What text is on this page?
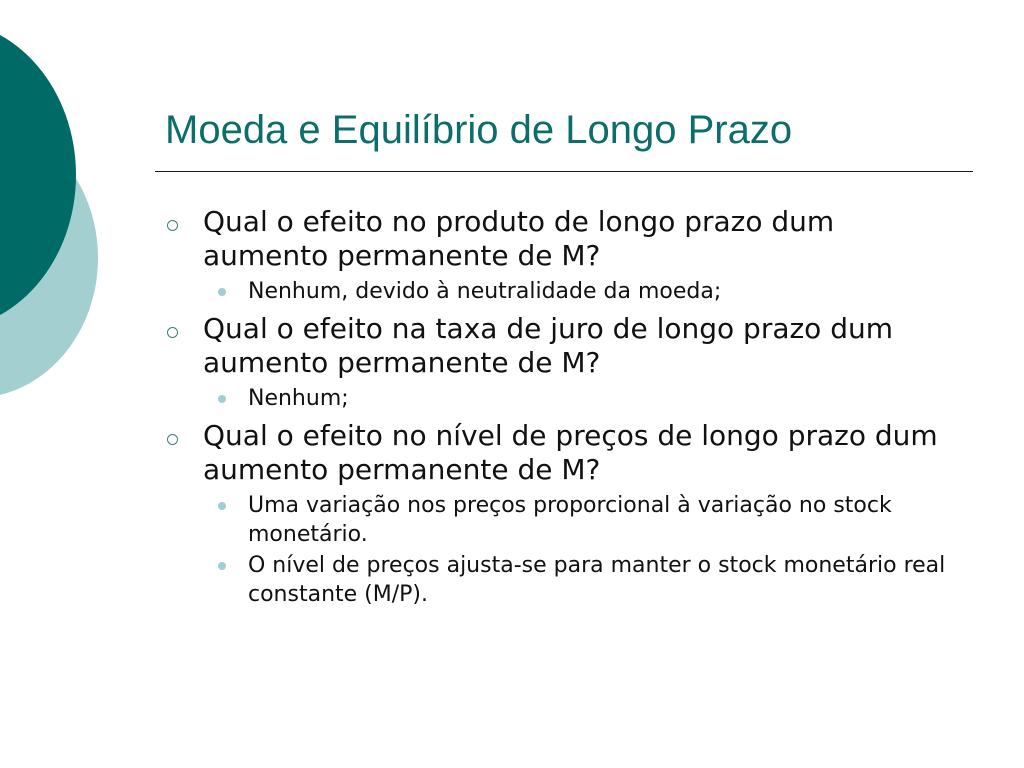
Moeda e Equilíbrio de Longo Prazo
Qual o efeito no produto de longo prazo dum aumento permanente de M?
Nenhum, devido à neutralidade da moeda;
Qual o efeito na taxa de juro de longo prazo dum aumento permanente de M?
Nenhum;
Qual o efeito no nível de preços de longo prazo dum aumento permanente de M?
Uma variação nos preços proporcional à variação no stock monetário.
O nível de preços ajusta-se para manter o stock monetário real constante (M/P).
